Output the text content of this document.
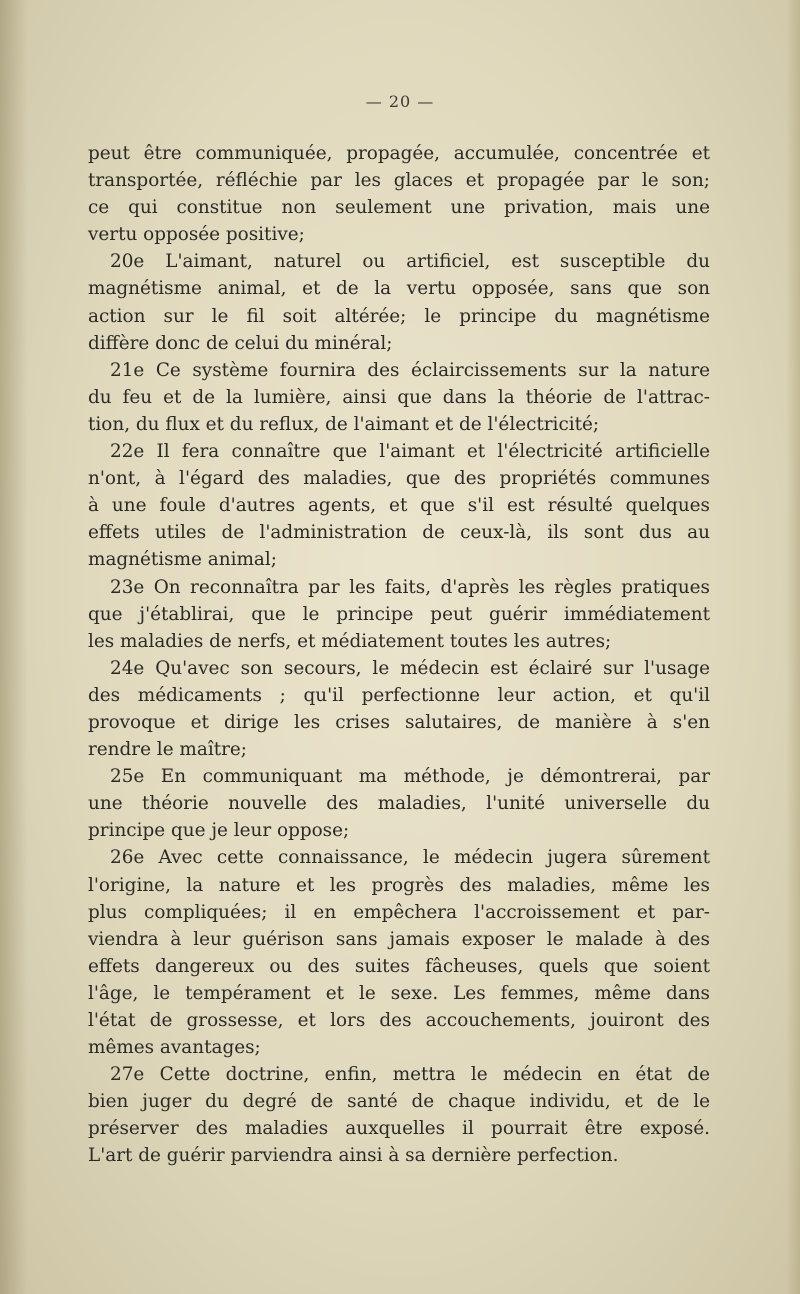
— 20 —
peut être communiquée, propagée, accumulée, concentrée et
transportée, réfléchie par les glaces et propagée par le son;
ce qui constitue non seulement une privation, mais une
vertu opposée positive;
20e L'aimant, naturel ou artificiel, est susceptible du
magnétisme animal, et de la vertu opposée, sans que son
action sur le fil soit altérée; le principe du magnétisme
diffère donc de celui du minéral;
21e Ce système fournira des éclaircissements sur la nature
du feu et de la lumière, ainsi que dans la théorie de l'attrac-
tion, du flux et du reflux, de l'aimant et de l'électricité;
22e Il fera connaître que l'aimant et l'électricité artificielle
n'ont, à l'égard des maladies, que des propriétés communes
à une foule d'autres agents, et que s'il est résulté quelques
effets utiles de l'administration de ceux-là, ils sont dus au
magnétisme animal;
23e On reconnaîtra par les faits, d'après les règles pratiques
que j'établirai, que le principe peut guérir immédiatement
les maladies de nerfs, et médiatement toutes les autres;
24e Qu'avec son secours, le médecin est éclairé sur l'usage
des médicaments ; qu'il perfectionne leur action, et qu'il
provoque et dirige les crises salutaires, de manière à s'en
rendre le maître;
25e En communiquant ma méthode, je démontrerai, par
une théorie nouvelle des maladies, l'unité universelle du
principe que je leur oppose;
26e Avec cette connaissance, le médecin jugera sûrement
l'origine, la nature et les progrès des maladies, même les
plus compliquées; il en empêchera l'accroissement et par-
viendra à leur guérison sans jamais exposer le malade à des
effets dangereux ou des suites fâcheuses, quels que soient
l'âge, le tempérament et le sexe. Les femmes, même dans
l'état de grossesse, et lors des accouchements, jouiront des
mêmes avantages;
27e Cette doctrine, enfin, mettra le médecin en état de
bien juger du degré de santé de chaque individu, et de le
préserver des maladies auxquelles il pourrait être exposé.
L'art de guérir parviendra ainsi à sa dernière perfection.
